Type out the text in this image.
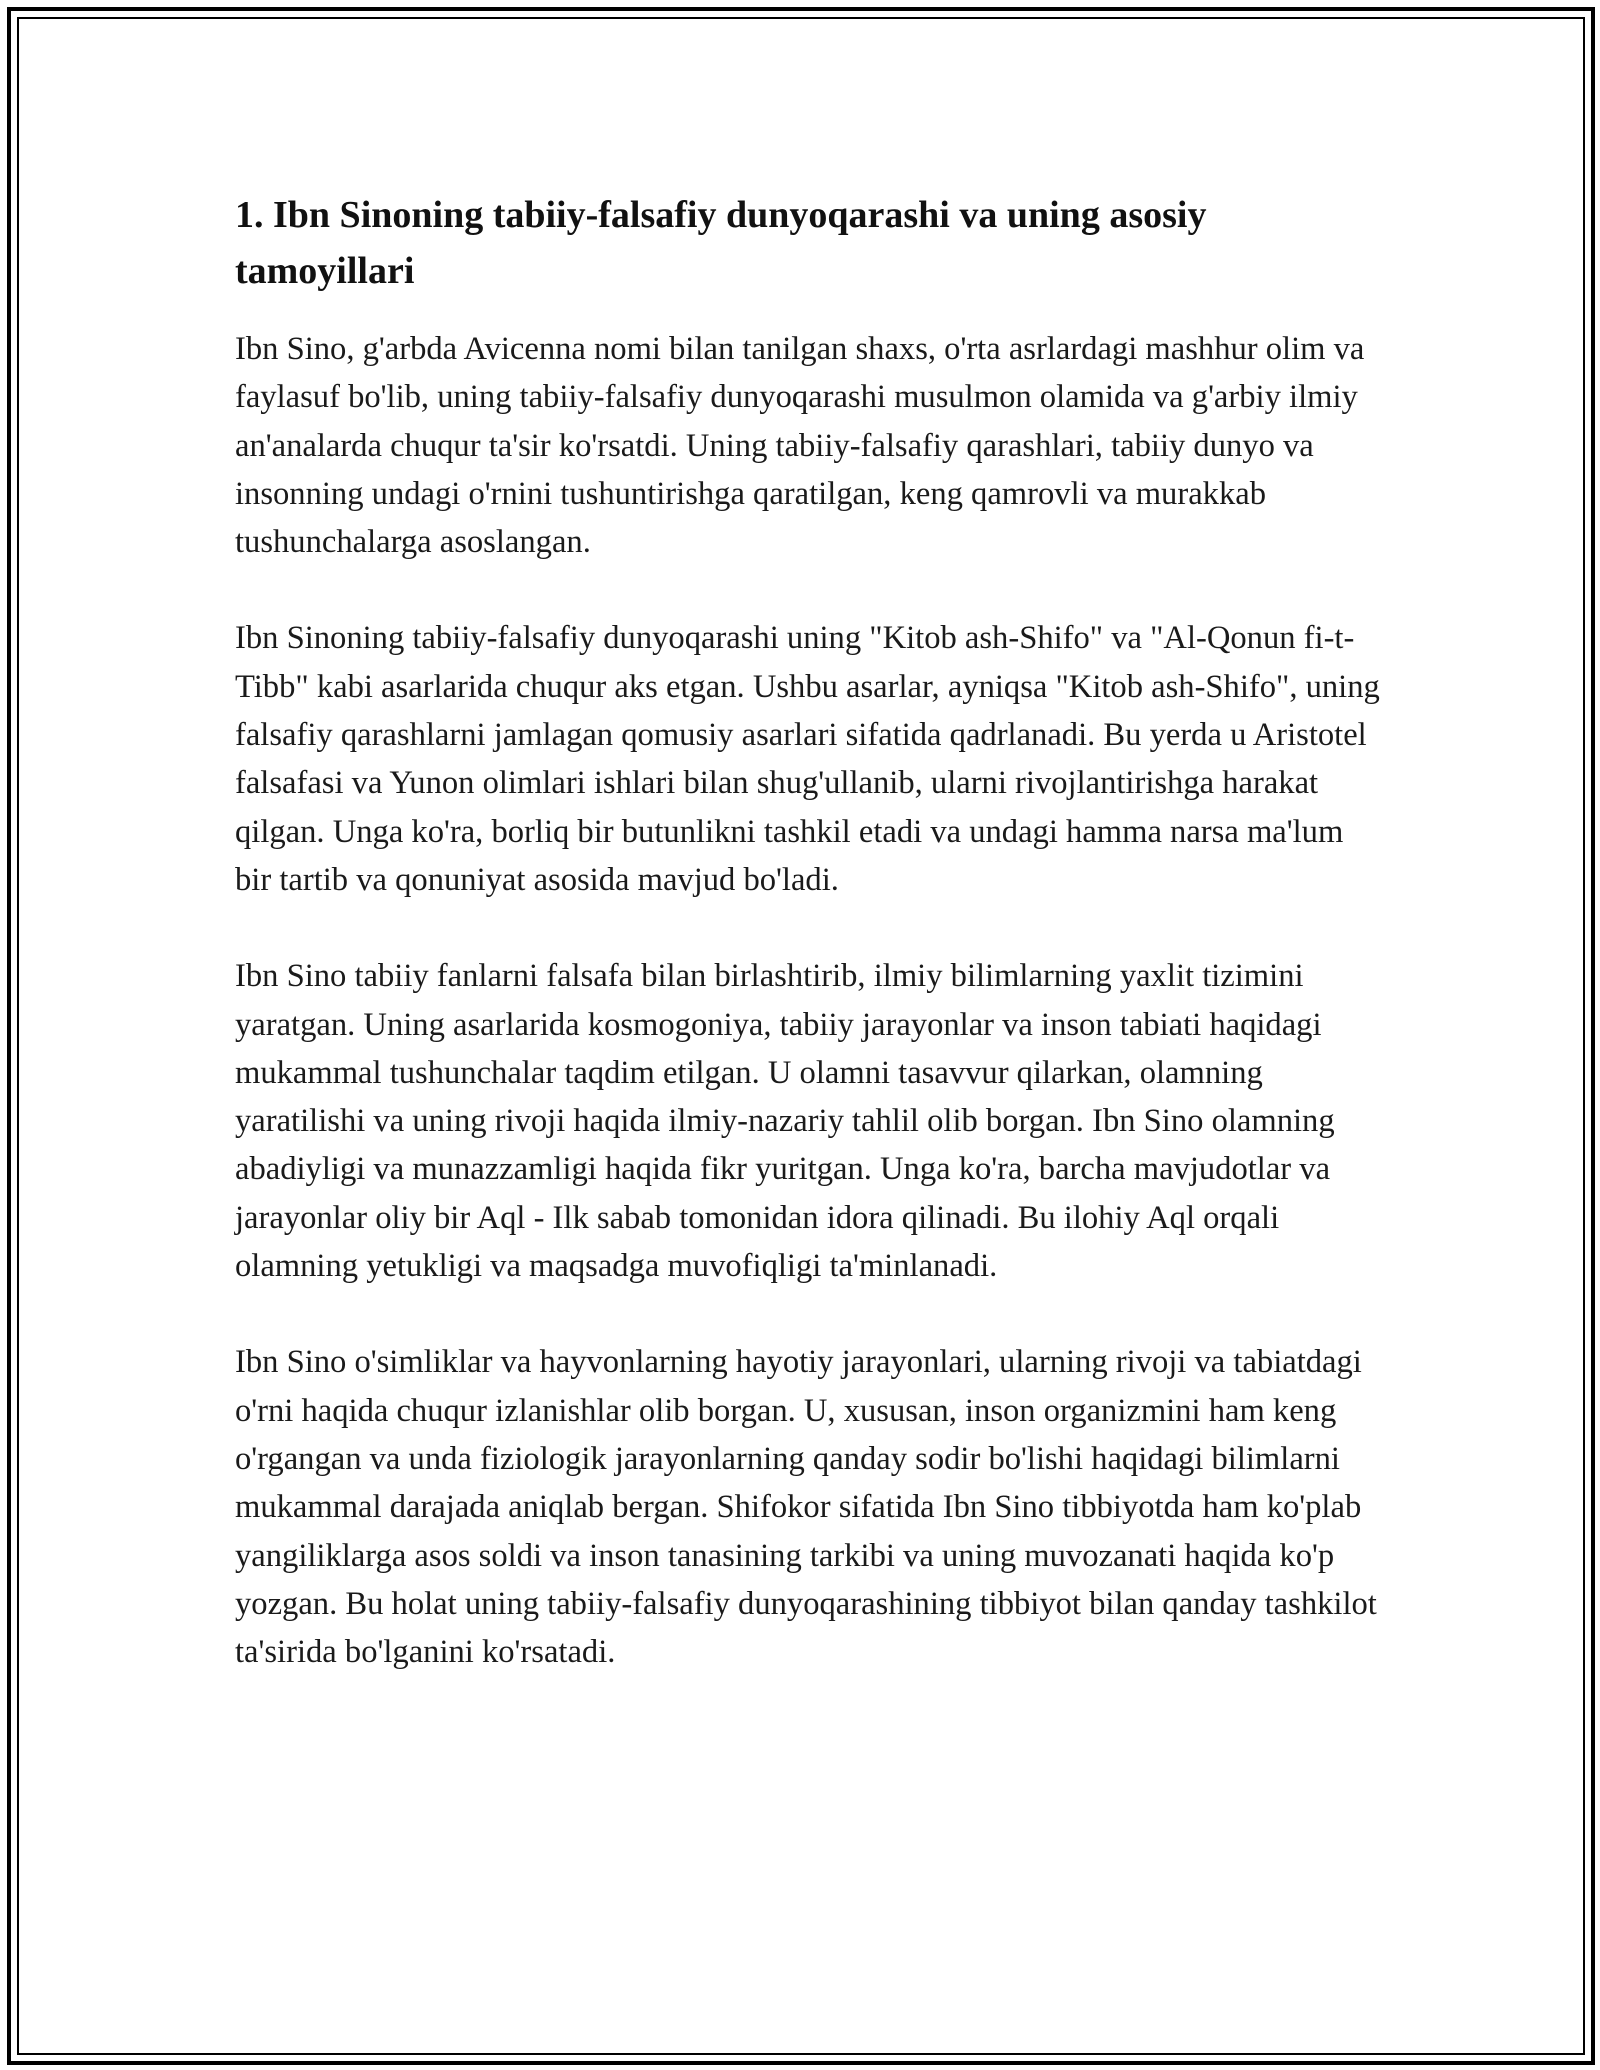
1. Ibn Sinoning tabiiy-falsafiy dunyoqarashi va uning asosiy tamoyillari

Ibn Sino, g'arbda Avicenna nomi bilan tanilgan shaxs, o'rta asrlardagi mashhur olim va faylasuf bo'lib, uning tabiiy-falsafiy dunyoqarashi musulmon olamida va g'arbiy ilmiy an'analarda chuqur ta'sir ko'rsatdi. Uning tabiiy-falsafiy qarashlari, tabiiy dunyo va insonning undagi o'rnini tushuntirishga qaratilgan, keng qamrovli va murakkab tushunchalarga asoslangan.

Ibn Sinoning tabiiy-falsafiy dunyoqarashi uning "Kitob ash-Shifo" va "Al-Qonun fi-t-Tibb" kabi asarlarida chuqur aks etgan. Ushbu asarlar, ayniqsa "Kitob ash-Shifo", uning falsafiy qarashlarni jamlagan qomusiy asarlari sifatida qadrlanadi. Bu yerda u Aristotel falsafasi va Yunon olimlari ishlari bilan shug'ullanib, ularni rivojlantirishga harakat qilgan. Unga ko'ra, borliq bir butunlikni tashkil etadi va undagi hamma narsa ma'lum bir tartib va qonuniyat asosida mavjud bo'ladi.

Ibn Sino tabiiy fanlarni falsafa bilan birlashtirib, ilmiy bilimlarning yaxlit tizimini yaratgan. Uning asarlarida kosmogoniya, tabiiy jarayonlar va inson tabiati haqidagi mukammal tushunchalar taqdim etilgan. U olamni tasavvur qilarkan, olamning yaratilishi va uning rivoji haqida ilmiy-nazariy tahlil olib borgan. Ibn Sino olamning abadiyligi va munazzamligi haqida fikr yuritgan. Unga ko'ra, barcha mavjudotlar va jarayonlar oliy bir Aql - Ilk sabab tomonidan idora qilinadi. Bu ilohiy Aql orqali olamning yetukligi va maqsadga muvofiqligi ta'minlanadi.

Ibn Sino o'simliklar va hayvonlarning hayotiy jarayonlari, ularning rivoji va tabiatdagi o'rni haqida chuqur izlanishlar olib borgan. U, xususan, inson organizmini ham keng o'rgangan va unda fiziologik jarayonlarning qanday sodir bo'lishi haqidagi bilimlarni mukammal darajada aniqlab bergan. Shifokor sifatida Ibn Sino tibbiyotda ham ko'plab yangiliklarga asos soldi va inson tanasining tarkibi va uning muvozanati haqida ko'p yozgan. Bu holat uning tabiiy-falsafiy dunyoqarashining tibbiyot bilan qanday tashkilot ta'sirida bo'lganini ko'rsatadi.
